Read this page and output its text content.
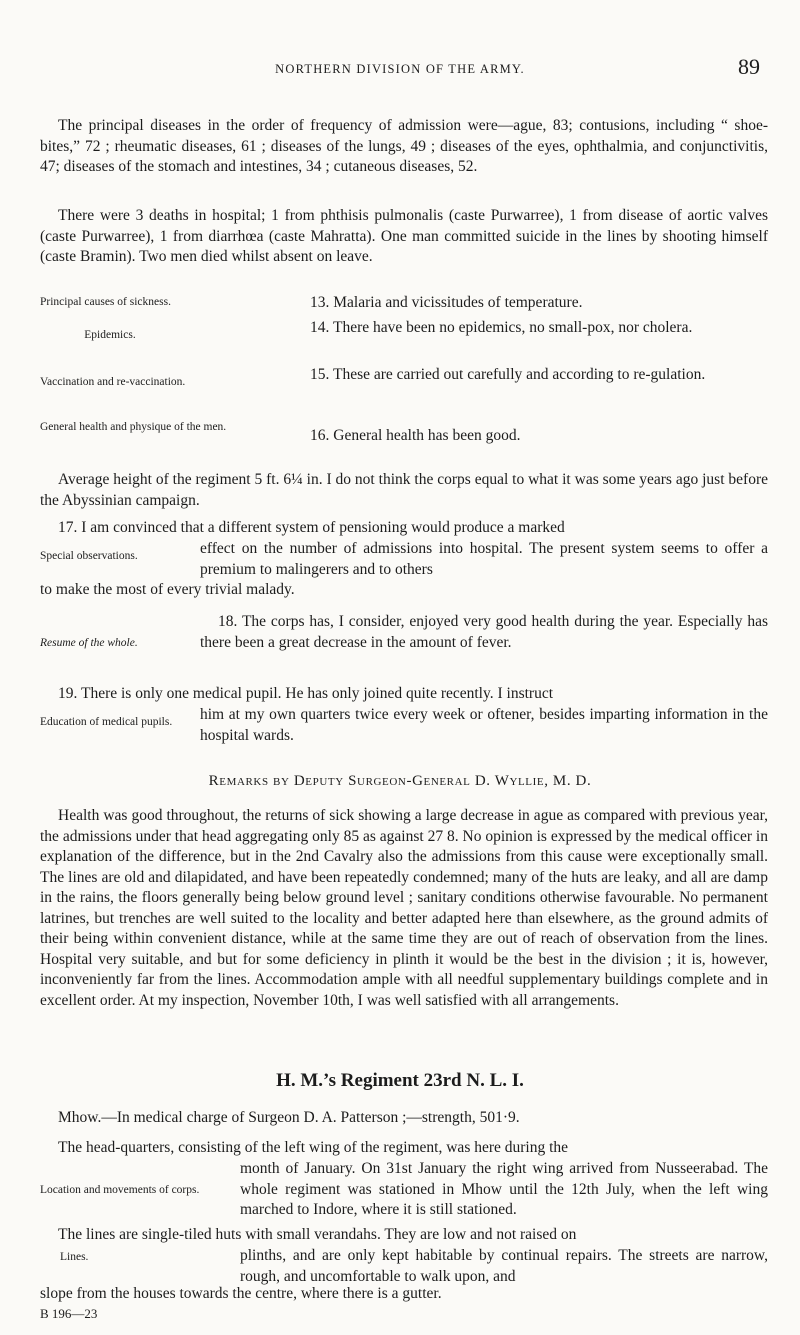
NORTHERN DIVISION OF THE ARMY.	89

The principal diseases in the order of frequency of admission were—ague, 83; contusions, including “ shoe-bites,” 72 ; rheumatic diseases, 61 ; diseases of the lungs, 49 ; diseases of the eyes, ophthalmia, and conjunctivitis, 47; diseases of the stomach and intestines, 34 ; cutaneous diseases, 52.

There were 3 deaths in hospital; 1 from phthisis pulmonalis (caste Purwarree), 1 from disease of aortic valves (caste Purwarree), 1 from diarrhœa (caste Mahratta). One man committed suicide in the lines by shooting himself (caste Bramin). Two men died whilst absent on leave.

Principal causes of sickness.	13. Malaria and vicissitudes of temperature.
Epidemics.	14. There have been no epidemics, no small-pox, nor cholera.
Vaccination and re-vaccination.	15. These are carried out carefully and according to re-gulation.
General health and physique of the men.	16. General health has been good.

Average height of the regiment 5 ft. 6¼ in. I do not think the corps equal to what it was some years ago just before the Abyssinian campaign.

17. I am convinced that a different system of pensioning would produce a marked

Special observations.	effect on the number of admissions into hospital. The present system seems to offer a premium to malingerers and to others

to make the most of every trivial malady.

Resume of the whole.
18. The corps has, I consider, enjoyed very good health during the year. Especially has there been a great decrease in the amount of fever.

19. There is only one medical pupil. He has only joined quite recently. I instruct

Education of medical pupils.	him at my own quarters twice every week or oftener, besides imparting information in the hospital wards.
Remarks by Deputy Surgeon-General D. Wyllie, M. D.

Health was good throughout, the returns of sick showing a large decrease in ague as compared with previous year, the admissions under that head aggregating only 85 as against 27 8. No opinion is expressed by the medical officer in explanation of the difference, but in the 2nd Cavalry also the admissions from this cause were exceptionally small. The lines are old and dilapidated, and have been repeatedly condemned; many of the huts are leaky, and all are damp in the rains, the floors generally being below ground level ; sanitary conditions otherwise favourable. No permanent latrines, but trenches are well suited to the locality and better adapted here than elsewhere, as the ground admits of their being within convenient distance, while at the same time they are out of reach of observation from the lines. Hospital very suitable, and but for some deficiency in plinth it would be the best in the division ; it is, however, inconveniently far from the lines. Accommodation ample with all needful supplementary buildings complete and in excellent order. At my inspection, November 10th, I was well satisfied with all arrangements.

H. M.’s Regiment 23rd N. L. I.

Mhow.—In medical charge of Surgeon D. A. Patterson ;—strength, 501·9.

The head-quarters, consisting of the left wing of the regiment, was here during the

Location and movements of corps.
month of January. On 31st January the right wing arrived from Nusseerabad. The whole regiment was stationed in Mhow until the 12th July, when the left wing marched to Indore, where it is still stationed.

The lines are single-tiled huts with small verandahs. They are low and not raised on

Lines.	plinths, and are only kept habitable by continual repairs. The streets are narrow, rough, and uncomfortable to walk upon, and

slope from the houses towards the centre, where there is a gutter.

B 196—23
